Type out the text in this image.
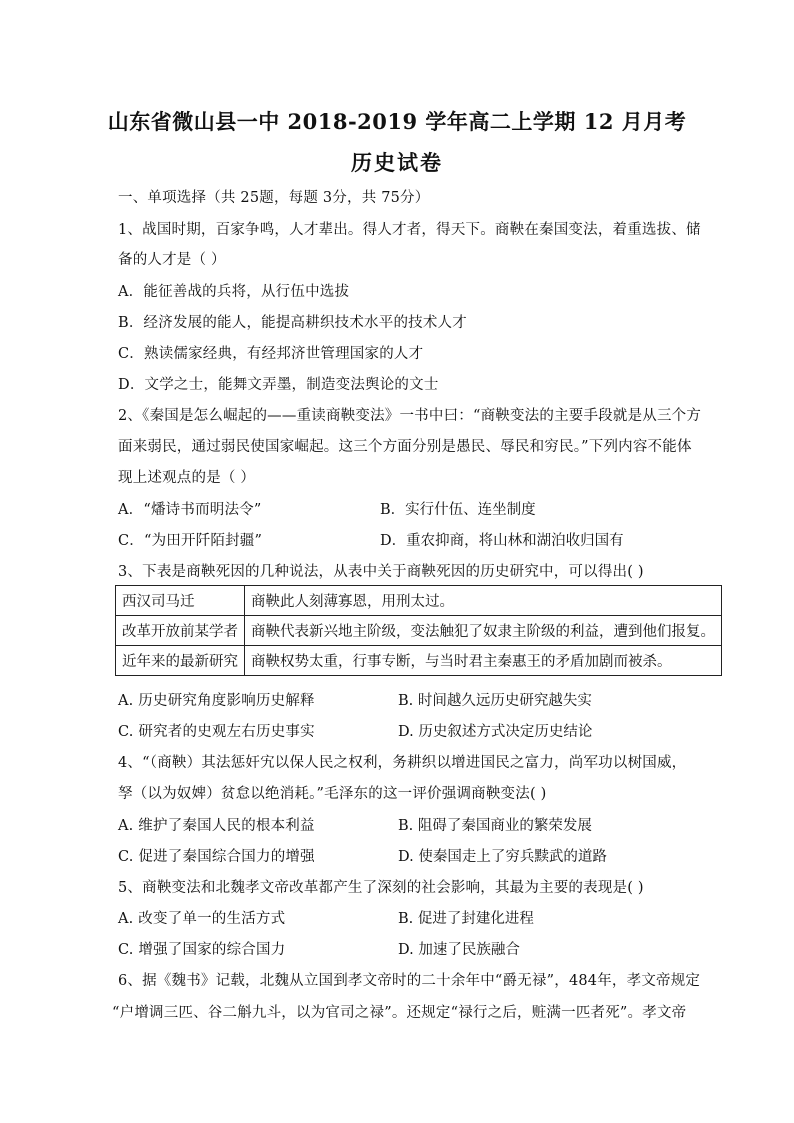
山东省微山县一中 2018-2019 学年高二上学期 12 月月考
历史试卷
一、单项选择（共 25题，每题 3分，共 75分）
1、战国时期，百家争鸣，人才辈出。得人才者，得天下。商鞅在秦国变法，着重选拔、储
备的人才是（ ）
A．能征善战的兵将，从行伍中选拔
B．经济发展的能人，能提高耕织技术水平的技术人才
C．熟读儒家经典，有经邦济世管理国家的人才
D．文学之士，能舞文弄墨，制造变法舆论的文士
2、《秦国是怎么崛起的——重读商鞅变法》一书中曰：“商鞅变法的主要手段就是从三个方
面来弱民，通过弱民使国家崛起。这三个方面分别是愚民、辱民和穷民。”下列内容不能体
现上述观点的是（ ）
A．“燔诗书而明法令”	B．实行什伍、连坐制度
C．“为田开阡陌封疆”	D．重农抑商，将山林和湖泊收归国有
3、下表是商鞅死因的几种说法，从表中关于商鞅死因的历史研究中，可以得出( )
西汉司马迁	商鞅此人刻薄寡恩，用刑太过。
改革开放前某学者	商鞅代表新兴地主阶级，变法触犯了奴隶主阶级的利益，遭到他们报复。
近年来的最新研究	商鞅权势太重，行事专断，与当时君主秦惠王的矛盾加剧而被杀。
A. 历史研究角度影响历史解释	B. 时间越久远历史研究越失实
C. 研究者的史观左右历史事实	D. 历史叙述方式决定历史结论
4、“（商鞅）其法惩奸宄以保人民之权利，务耕织以增进国民之富力，尚军功以树国威，
孥（以为奴婢）贫怠以绝消耗。”毛泽东的这一评价强调商鞅变法( )
A. 维护了秦国人民的根本利益	B. 阻碍了秦国商业的繁荣发展
C. 促进了秦国综合国力的增强	D. 使秦国走上了穷兵黩武的道路
5、商鞅变法和北魏孝文帝改革都产生了深刻的社会影响，其最为主要的表现是( )
A. 改变了单一的生活方式	B. 促进了封建化进程
C. 增强了国家的综合国力	D. 加速了民族融合
6、据《魏书》记载，北魏从立国到孝文帝时的二十余年中“爵无禄”，484年，孝文帝规定
“户增调三匹、谷二斛九斗，以为官司之禄”。还规定“禄行之后，赃满一匹者死”。孝文帝
